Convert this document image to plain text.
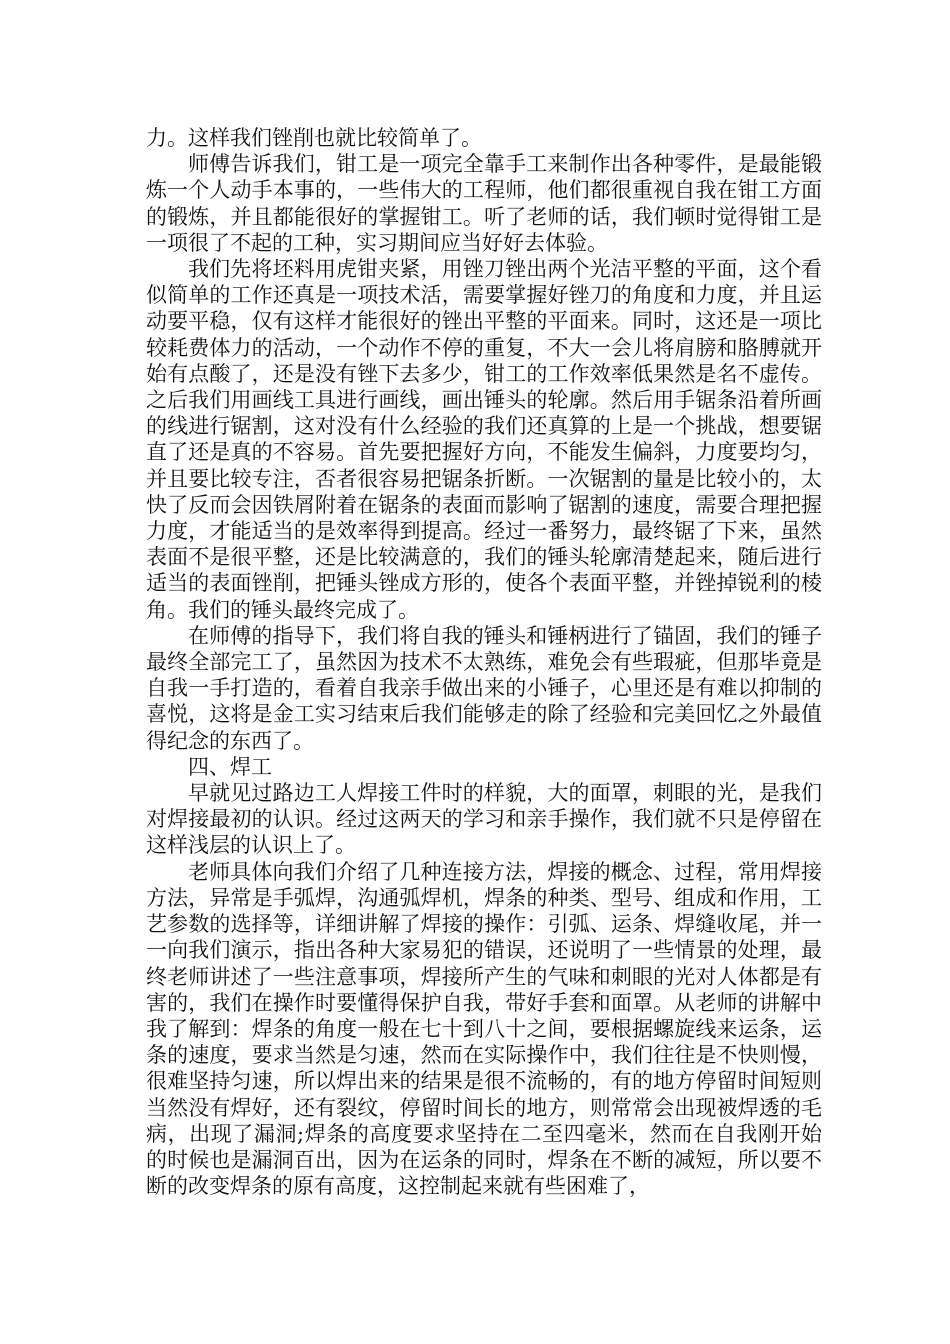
力。这样我们锉削也就比较简单了。

师傅告诉我们，钳工是一项完全靠手工来制作出各种零件，是最能锻炼一个人动手本事的，一些伟大的工程师，他们都很重视自我在钳工方面的锻炼，并且都能很好的掌握钳工。听了老师的话，我们顿时觉得钳工是一项很了不起的工种，实习期间应当好好去体验。

我们先将坯料用虎钳夹紧，用锉刀锉出两个光洁平整的平面，这个看似简单的工作还真是一项技术活，需要掌握好锉刀的角度和力度，并且运动要平稳，仅有这样才能很好的锉出平整的平面来。同时，这还是一项比较耗费体力的活动，一个动作不停的重复，不大一会儿将肩膀和胳膊就开始有点酸了，还是没有锉下去多少，钳工的工作效率低果然是名不虚传。之后我们用画线工具进行画线，画出锤头的轮廓。然后用手锯条沿着所画的线进行锯割，这对没有什么经验的我们还真算的上是一个挑战，想要锯直了还是真的不容易。首先要把握好方向，不能发生偏斜，力度要均匀，并且要比较专注，否者很容易把锯条折断。一次锯割的量是比较小的，太快了反而会因铁屑附着在锯条的表面而影响了锯割的速度，需要合理把握力度，才能适当的是效率得到提高。经过一番努力，最终锯了下来，虽然表面不是很平整，还是比较满意的，我们的锤头轮廓清楚起来，随后进行适当的表面锉削，把锤头锉成方形的，使各个表面平整，并锉掉锐利的棱角。我们的锤头最终完成了。

在师傅的指导下，我们将自我的锤头和锤柄进行了锚固，我们的锤子最终全部完工了，虽然因为技术不太熟练，难免会有些瑕疵，但那毕竟是自我一手打造的，看着自我亲手做出来的小锤子，心里还是有难以抑制的喜悦，这将是金工实习结束后我们能够走的除了经验和完美回忆之外最值得纪念的东西了。

四、焊工

早就见过路边工人焊接工件时的样貌，大的面罩，刺眼的光，是我们对焊接最初的认识。经过这两天的学习和亲手操作，我们就不只是停留在这样浅层的认识上了。

老师具体向我们介绍了几种连接方法，焊接的概念、过程，常用焊接方法，异常是手弧焊，沟通弧焊机，焊条的种类、型号、组成和作用，工艺参数的选择等，详细讲解了焊接的操作：引弧、运条、焊缝收尾，并一一向我们演示，指出各种大家易犯的错误，还说明了一些情景的处理，最终老师讲述了一些注意事项，焊接所产生的气味和刺眼的光对人体都是有害的，我们在操作时要懂得保护自我，带好手套和面罩。从老师的讲解中我了解到：焊条的角度一般在七十到八十之间，要根据螺旋线来运条，运条的速度，要求当然是匀速，然而在实际操作中，我们往往是不快则慢，很难坚持匀速，所以焊出来的结果是很不流畅的，有的地方停留时间短则当然没有焊好，还有裂纹，停留时间长的地方，则常常会出现被焊透的毛病，出现了漏洞;焊条的高度要求坚持在二至四毫米，然而在自我刚开始的时候也是漏洞百出，因为在运条的同时，焊条在不断的减短，所以要不断的改变焊条的原有高度，这控制起来就有些困难了，
